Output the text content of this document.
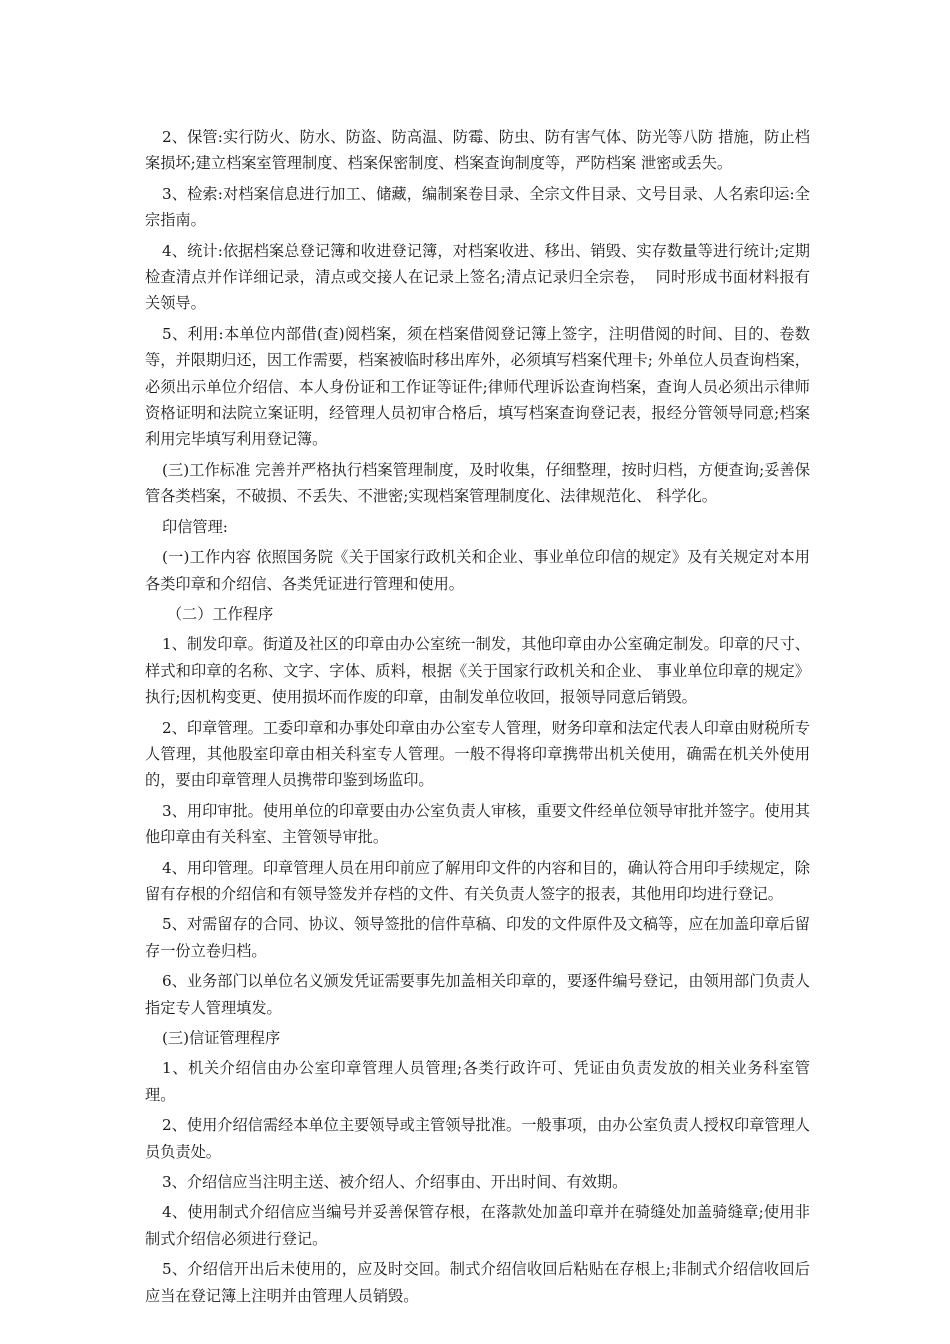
2、保管:实行防火、防水、防盗、防高温、防霉、防虫、防有害气体、防光等八防 措施，防止档案损坏;建立档案室管理制度、档案保密制度、档案查询制度等，严防档案 泄密或丢失。

3、检索:对档案信息进行加工、储藏，编制案卷目录、全宗文件目录、文号目录、人名索印运:全宗指南。

4、统计:依据档案总登记簿和收进登记簿，对档案收进、移出、销毁、实存数量等进行统计;定期检查清点并作详细记录，清点或交接人在记录上签名;清点记录归全宗卷，  同时形成书面材料报有关领导。

5、利用:本单位内部借(查)阅档案，须在档案借阅登记簿上签字，注明借阅的时间、目的、卷数等，并限期归还，因工作需要，档案被临时移出库外，必须填写档案代理卡; 外单位人员查询档案，必须出示单位介绍信、本人身份证和工作证等证件;律师代理诉讼查询档案，查询人员必须出示律师资格证明和法院立案证明，经管理人员初审合格后，填写档案查询登记表，报经分管领导同意;档案利用完毕填写利用登记簿。

(三)工作标准 完善并严格执行档案管理制度，及时收集，仔细整理，按时归档，方便查询;妥善保管各类档案，不破损、不丢失、不泄密;实现档案管理制度化、法律规范化、 科学化。

印信管理:

(一)工作内容 依照国务院《关于国家行政机关和企业、事业单位印信的规定》及有关规定对本用各类印章和介绍信、各类凭证进行管理和使用。

（二）工作程序

1、制发印章。街道及社区的印章由办公室统一制发，其他印章由办公室确定制发。印章的尺寸、样式和印章的名称、文字、字体、质料，根据《关于国家行政机关和企业、 事业单位印章的规定》执行;因机构变更、使用损坏而作废的印章，由制发单位收回，报领导同意后销毁。

2、印章管理。工委印章和办事处印章由办公室专人管理，财务印章和法定代表人印章由财税所专人管理，其他股室印章由相关科室专人管理。一般不得将印章携带出机关使用，确需在机关外使用的，要由印章管理人员携带印鉴到场监印。

3、用印审批。使用单位的印章要由办公室负责人审核，重要文件经单位领导审批并签字。使用其他印章由有关科室、主管领导审批。

4、用印管理。印章管理人员在用印前应了解用印文件的内容和目的，确认符合用印手续规定，除留有存根的介绍信和有领导签发并存档的文件、有关负责人签字的报表，其他用印均进行登记。

5、对需留存的合同、协议、领导签批的信件草稿、印发的文件原件及文稿等，应在加盖印章后留存一份立卷归档。

6、业务部门以单位名义颁发凭证需要事先加盖相关印章的，要逐件编号登记，由领用部门负责人指定专人管理填发。

(三)信证管理程序

1、机关介绍信由办公室印章管理人员管理;各类行政许可、凭证由负责发放的相关业务科室管理。

2、使用介绍信需经本单位主要领导或主管领导批准。一般事项，由办公室负责人授权印章管理人员负责处。

3、介绍信应当注明主送、被介绍人、介绍事由、开出时间、有效期。

4、使用制式介绍信应当编号并妥善保管存根，在落款处加盖印章并在骑缝处加盖骑缝章;使用非制式介绍信必须进行登记。

5、介绍信开出后未使用的，应及时交回。制式介绍信收回后粘贴在存根上;非制式介绍信收回后应当在登记簿上注明并由管理人员销毁。
